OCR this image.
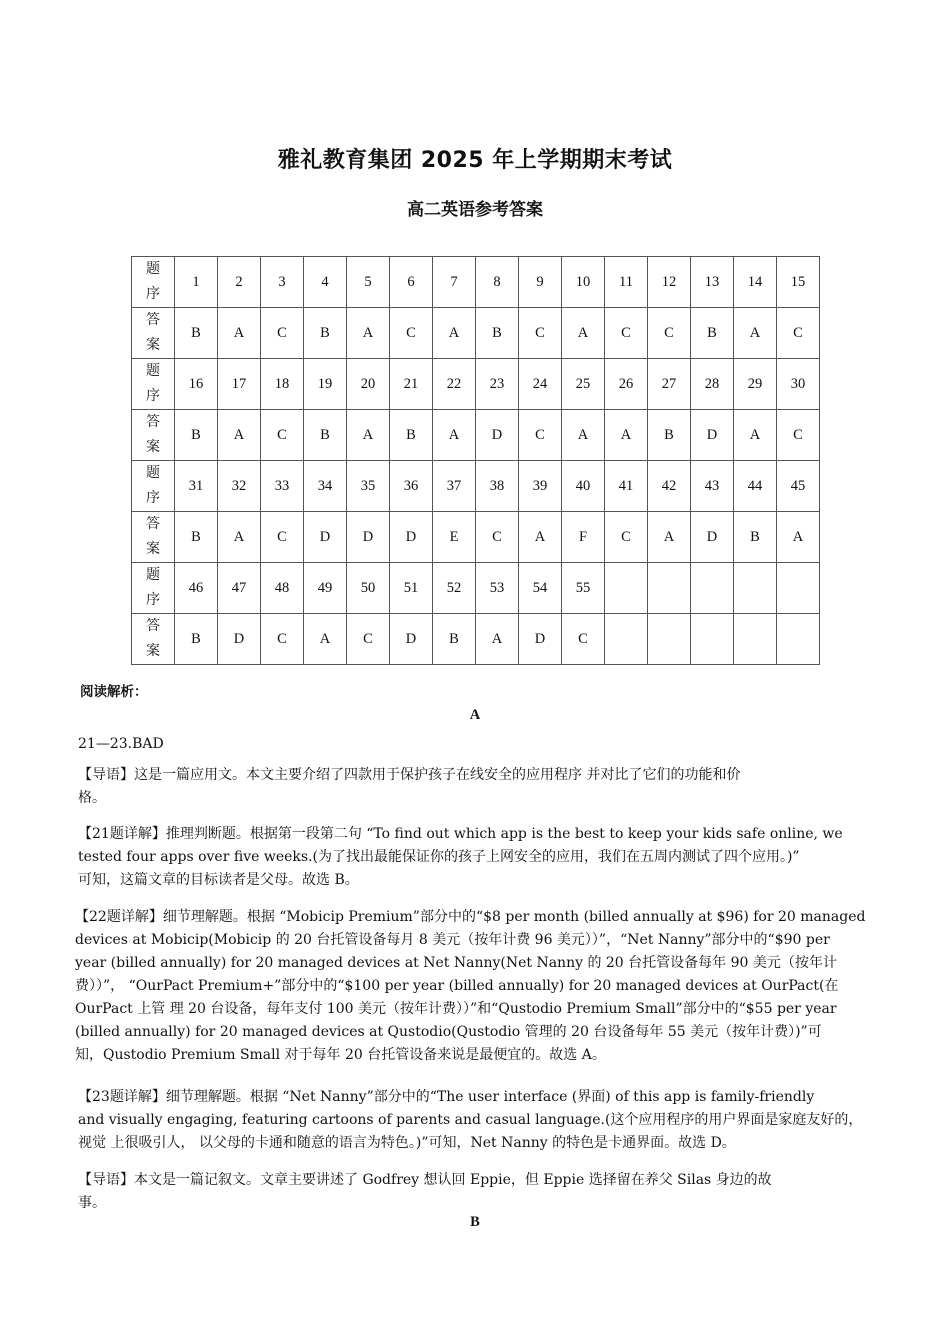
雅礼教育集团 2025 年上学期期末考试
高二英语参考答案
题
序	1	2	3	4	5	6	7	8	9	10	11	12	13	14	15
答
案	B	A	C	B	A	C	A	B	C	A	C	C	B	A	C
题
序	16	17	18	19	20	21	22	23	24	25	26	27	28	29	30
答
案	B	A	C	B	A	B	A	D	C	A	A	B	D	A	C
题
序	31	32	33	34	35	36	37	38	39	40	41	42	43	44	45
答
案	B	A	C	D	D	D	E	C	A	F	C	A	D	B	A
题
序	46	47	48	49	50	51	52	53	54	55					
答
案	B	D	C	A	C	D	B	A	D	C					
阅读解析：
A
21—23.BAD
【导语】这是一篇应用文。本文主要介绍了四款用于保护孩子在线安全的应用程序 并对比了它们的功能和价
格。
【21题详解】推理判断题。根据第一段第二句 “To find out which app is the best to keep your kids safe online, we
tested four apps over five weeks.(为了找出最能保证你的孩子上网安全的应用，我们在五周内测试了四个应用。)”
可知，这篇文章的目标读者是父母。故选 B。
【22题详解】细节理解题。根据 “Mobicip Premium”部分中的“$8 per month (billed annually at $96) for 20 managed
devices at Mobicip(Mobicip 的 20 台托管设备每月 8 美元（按年计费 96 美元））”，“Net Nanny”部分中的“$90 per
year (billed annually) for 20 managed devices at Net Nanny(Net Nanny 的 20 台托管设备每年 90 美元（按年计
费））”， “OurPact Premium+”部分中的“$100 per year (billed annually) for 20 managed devices at OurPact(在
OurPact 上管 理 20 台设备，每年支付 100 美元（按年计费））”和“Qustodio Premium Small”部分中的“$55 per year
(billed annually) for 20 managed devices at Qustodio(Qustodio 管理的 20 台设备每年 55 美元（按年计费）)”可
知，Qustodio Premium Small 对于每年 20 台托管设备来说是最便宜的。故选 A。
【23题详解】细节理解题。根据 “Net Nanny”部分中的“The user interface (界面) of this app is family-friendly
and visually engaging, featuring cartoons of parents and casual language.(这个应用程序的用户界面是家庭友好的，
视觉 上很吸引人， 以父母的卡通和随意的语言为特色。)”可知，Net Nanny 的特色是卡通界面。故选 D。
【导语】本文是一篇记叙文。文章主要讲述了 Godfrey 想认回 Eppie，但 Eppie 选择留在养父 Silas 身边的故
事。
B
